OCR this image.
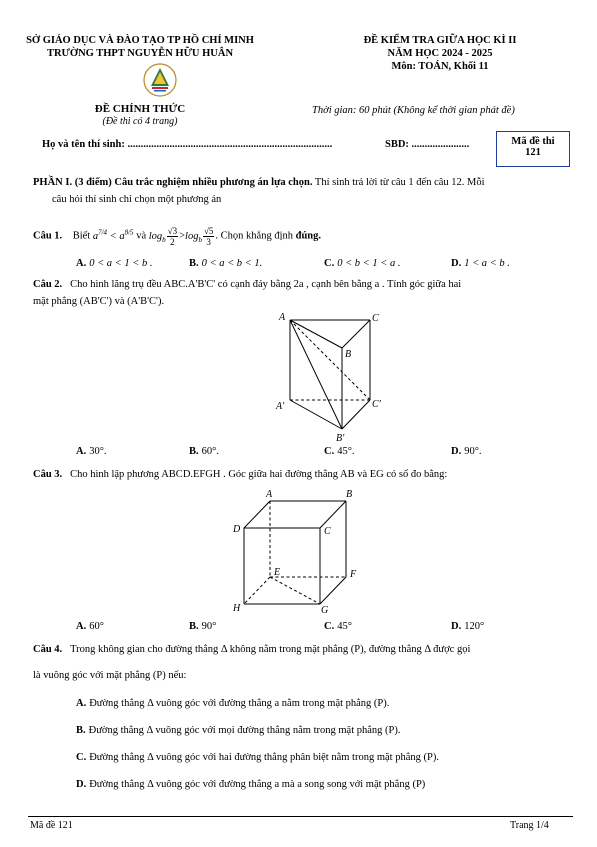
SỞ GIÁO DỤC VÀ ĐÀO TẠO TP HỒ CHÍ MINH
TRƯỜNG THPT NGUYỄN HỮU HUÂN
ĐỀ KIỂM TRA GIỮA HỌC KÌ II
NĂM HỌC 2024 - 2025
Môn: TOÁN, Khối 11
ĐỀ CHÍNH THỨC
(Đề thi có 4 trang)
Thời gian: 60 phút (Không kể thời gian phát đề)
Họ và tên thí sinh: ..............................................................................	SBD: ......................	Mã đề thi
121
PHẦN I. (3 điểm) Câu trắc nghiệm nhiều phương án lựa chọn. Thí sinh trả lời từ câu 1 đến câu 12. Mỗi
câu hỏi thí sinh chỉ chọn một phương án
Câu 1. Biết $a^{7/4} < a^{8/5}$ và $\log_b \frac{√3}{2} >\log_b \frac{√5}{3}$ . Chọn khẳng định đúng.
A. 0 < a < 1 < b .	B. 0 < a < b < 1.	C. 0 < b < 1 < a .	D. 1 < a < b .
Câu 2. Cho hình lăng trụ đều ABC.A'B'C' có cạnh đáy bằng 2a , cạnh bên bằng a . Tính góc giữa hai
mặt phẳng (AB'C') và (A'B'C').
A	C
B
A′	C′
B′
A. 30°.	B. 60°.	C. 45°.	D. 90°.
Câu 3. Cho hình lập phương ABCD.EFGH . Góc giữa hai đường thẳng AB và EG có số đo bằng:
A	B
D	C
E	F
H	G
A. 60°	B. 90°	C. 45°	D. 120°
Câu 4. Trong không gian cho đường thẳng Δ không nằm trong mặt phẳng (P), đường thẳng Δ được gọi
là vuông góc với mặt phẳng (P) nếu:
A. Đường thẳng Δ vuông góc với đường thẳng a nằm trong mặt phẳng (P).
B. Đường thẳng Δ vuông góc với mọi đường thẳng nằm trong mặt phẳng (P).
C. Đường thẳng Δ vuông góc với hai đường thẳng phân biệt nằm trong mặt phẳng (P).
D. Đường thẳng Δ vuông góc với đường thẳng a mà a song song với mặt phẳng (P)
Mã đề 121	Trang 1/4
